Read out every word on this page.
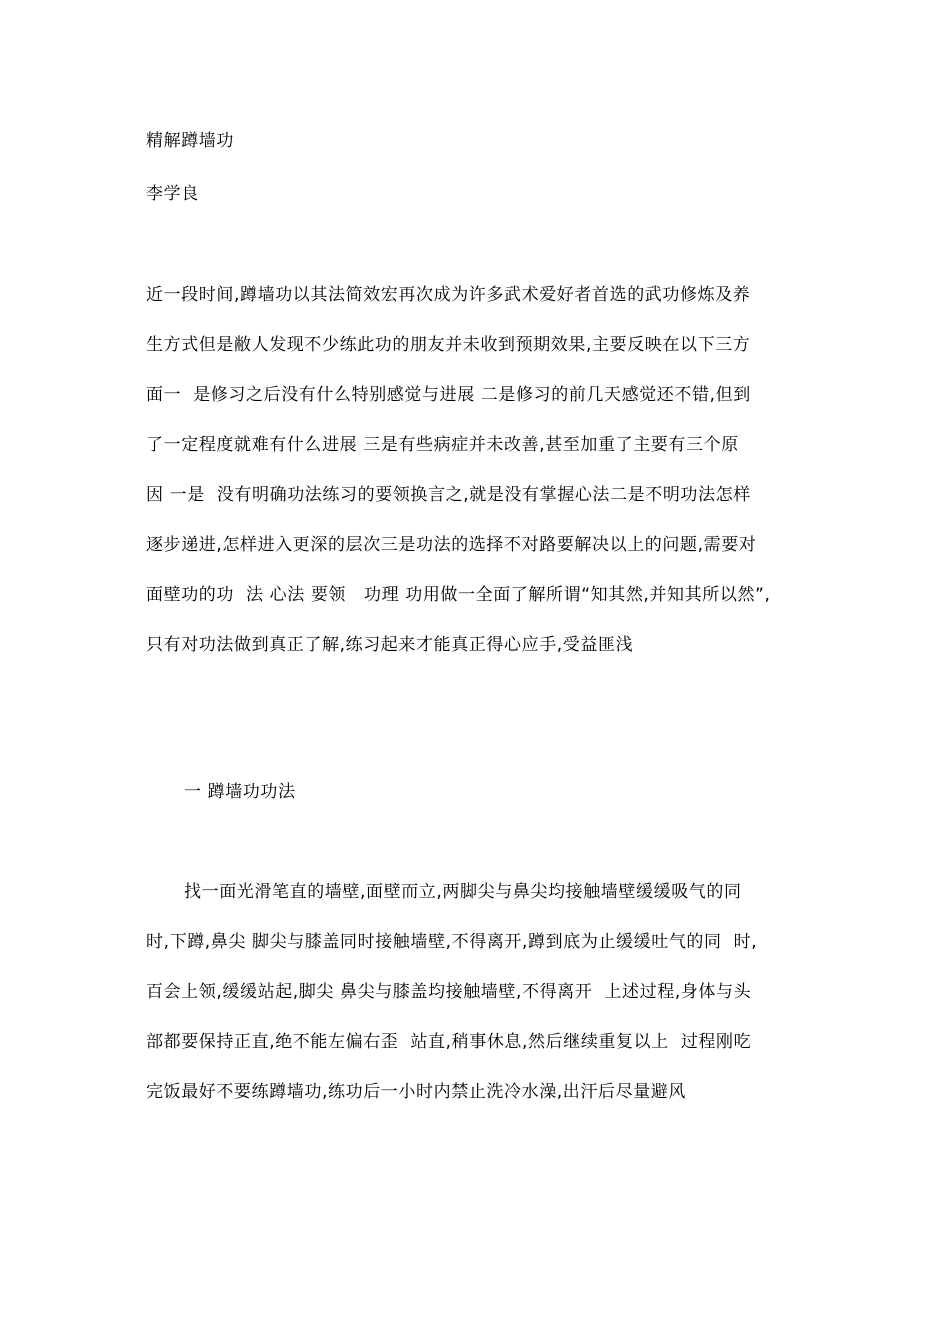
精解蹲墙功
李学良
近一段时间,蹲墙功以其法简效宏再次成为许多武术爱好者首选的武功修炼及养
生方式但是敝人发现不少练此功的朋友并未收到预期效果,主要反映在以下三方
面一  是修习之后没有什么特别感觉与进展 二是修习的前几天感觉还不错,但到
了一定程度就难有什么进展 三是有些病症并未改善,甚至加重了主要有三个原
因 一是  没有明确功法练习的要领换言之,就是没有掌握心法二是不明功法怎样
逐步递进,怎样进入更深的层次三是功法的选择不对路要解决以上的问题,需要对
面壁功的功  法 心法 要领   功理 功用做一全面了解所谓“知其然,并知其所以然”,
只有对功法做到真正了解,练习起来才能真正得心应手,受益匪浅
一 蹲墙功功法
找一面光滑笔直的墙壁,面壁而立,两脚尖与鼻尖均接触墙壁缓缓吸气的同
时,下蹲,鼻尖 脚尖与膝盖同时接触墙壁,不得离开,蹲到底为止缓缓吐气的同  时,
百会上领,缓缓站起,脚尖 鼻尖与膝盖均接触墙壁,不得离开  上述过程,身体与头
部都要保持正直,绝不能左偏右歪  站直,稍事休息,然后继续重复以上  过程刚吃
完饭最好不要练蹲墙功,练功后一小时内禁止洗冷水澡,出汗后尽量避风
